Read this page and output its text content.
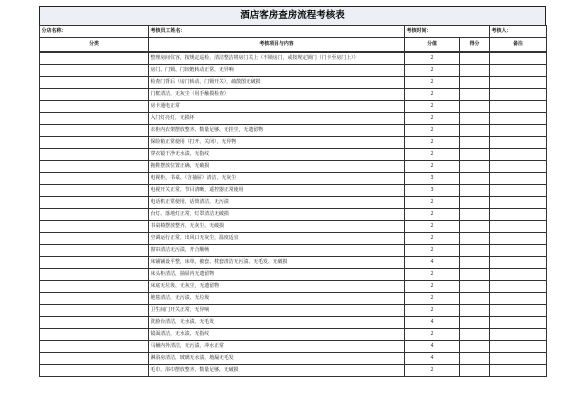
酒店客房查房流程考核表
分店名称：	考核员工姓名：	考核时间：		考核人：
分类	考核项目与内容	分值	得分	备注
	整理房间仪容，按规定巡检，清洁整洁将房门关上（不锁房门，或按规定锁门（门卡至房门上））	2		
	房门、门锁、门铰链转动正常，无异响	2		
	检查门背后（房门转动、门锁开关），疏散图无破损	2		
	门框清洁，无灰尘（用手触摸检查）	2		
	房卡通电正常	2		
	入门灯亮灯，无损坏	2		
	衣柜内衣架摆放整齐、数量足够、无挂尘，无遗留物	2		
	保险箱正常使用（打开、关闭），无异物	2		
	穿衣镜干净无水渍、无指纹	2		
	拖鞋摆放位置正确，无破损	2		
	电视柜、书桌、（含抽屉）清洁，无灰尘	3		
	电视开关正常，节目清晰，遥控器正常使用	3		
	电话机正常使用，话筒清洁，无污渍	2		
	台灯、落地灯正常，灯罩清洁无破损	2		
	书桌椅摆放整齐，无灰尘、无破损	2		
	空调运行正常，出风口无灰尘，温度适宜	2		
	窗帘清洁无污渍，开合顺畅	2		
	床铺铺设平整，床单、被套、枕套清洁无污渍、无毛发、无破损	4		
	床头柜清洁，抽屉内无遗留物	2		
	床底无垃圾、无灰尘，无遗留物	2		
	地毯清洁，无污渍、无垃圾	2		
	卫生间门开关正常，无异响	2		
	洗脸台清洁，无水渍、无毛发	4		
	镜面清洁，无水渍、无指纹	2		
	马桶内外清洁，无污渍，冲水正常	4		
	淋浴房清洁，玻璃无水渍，地漏无毛发	4		
	毛巾、浴巾摆放整齐，数量足够，无破损	2		
